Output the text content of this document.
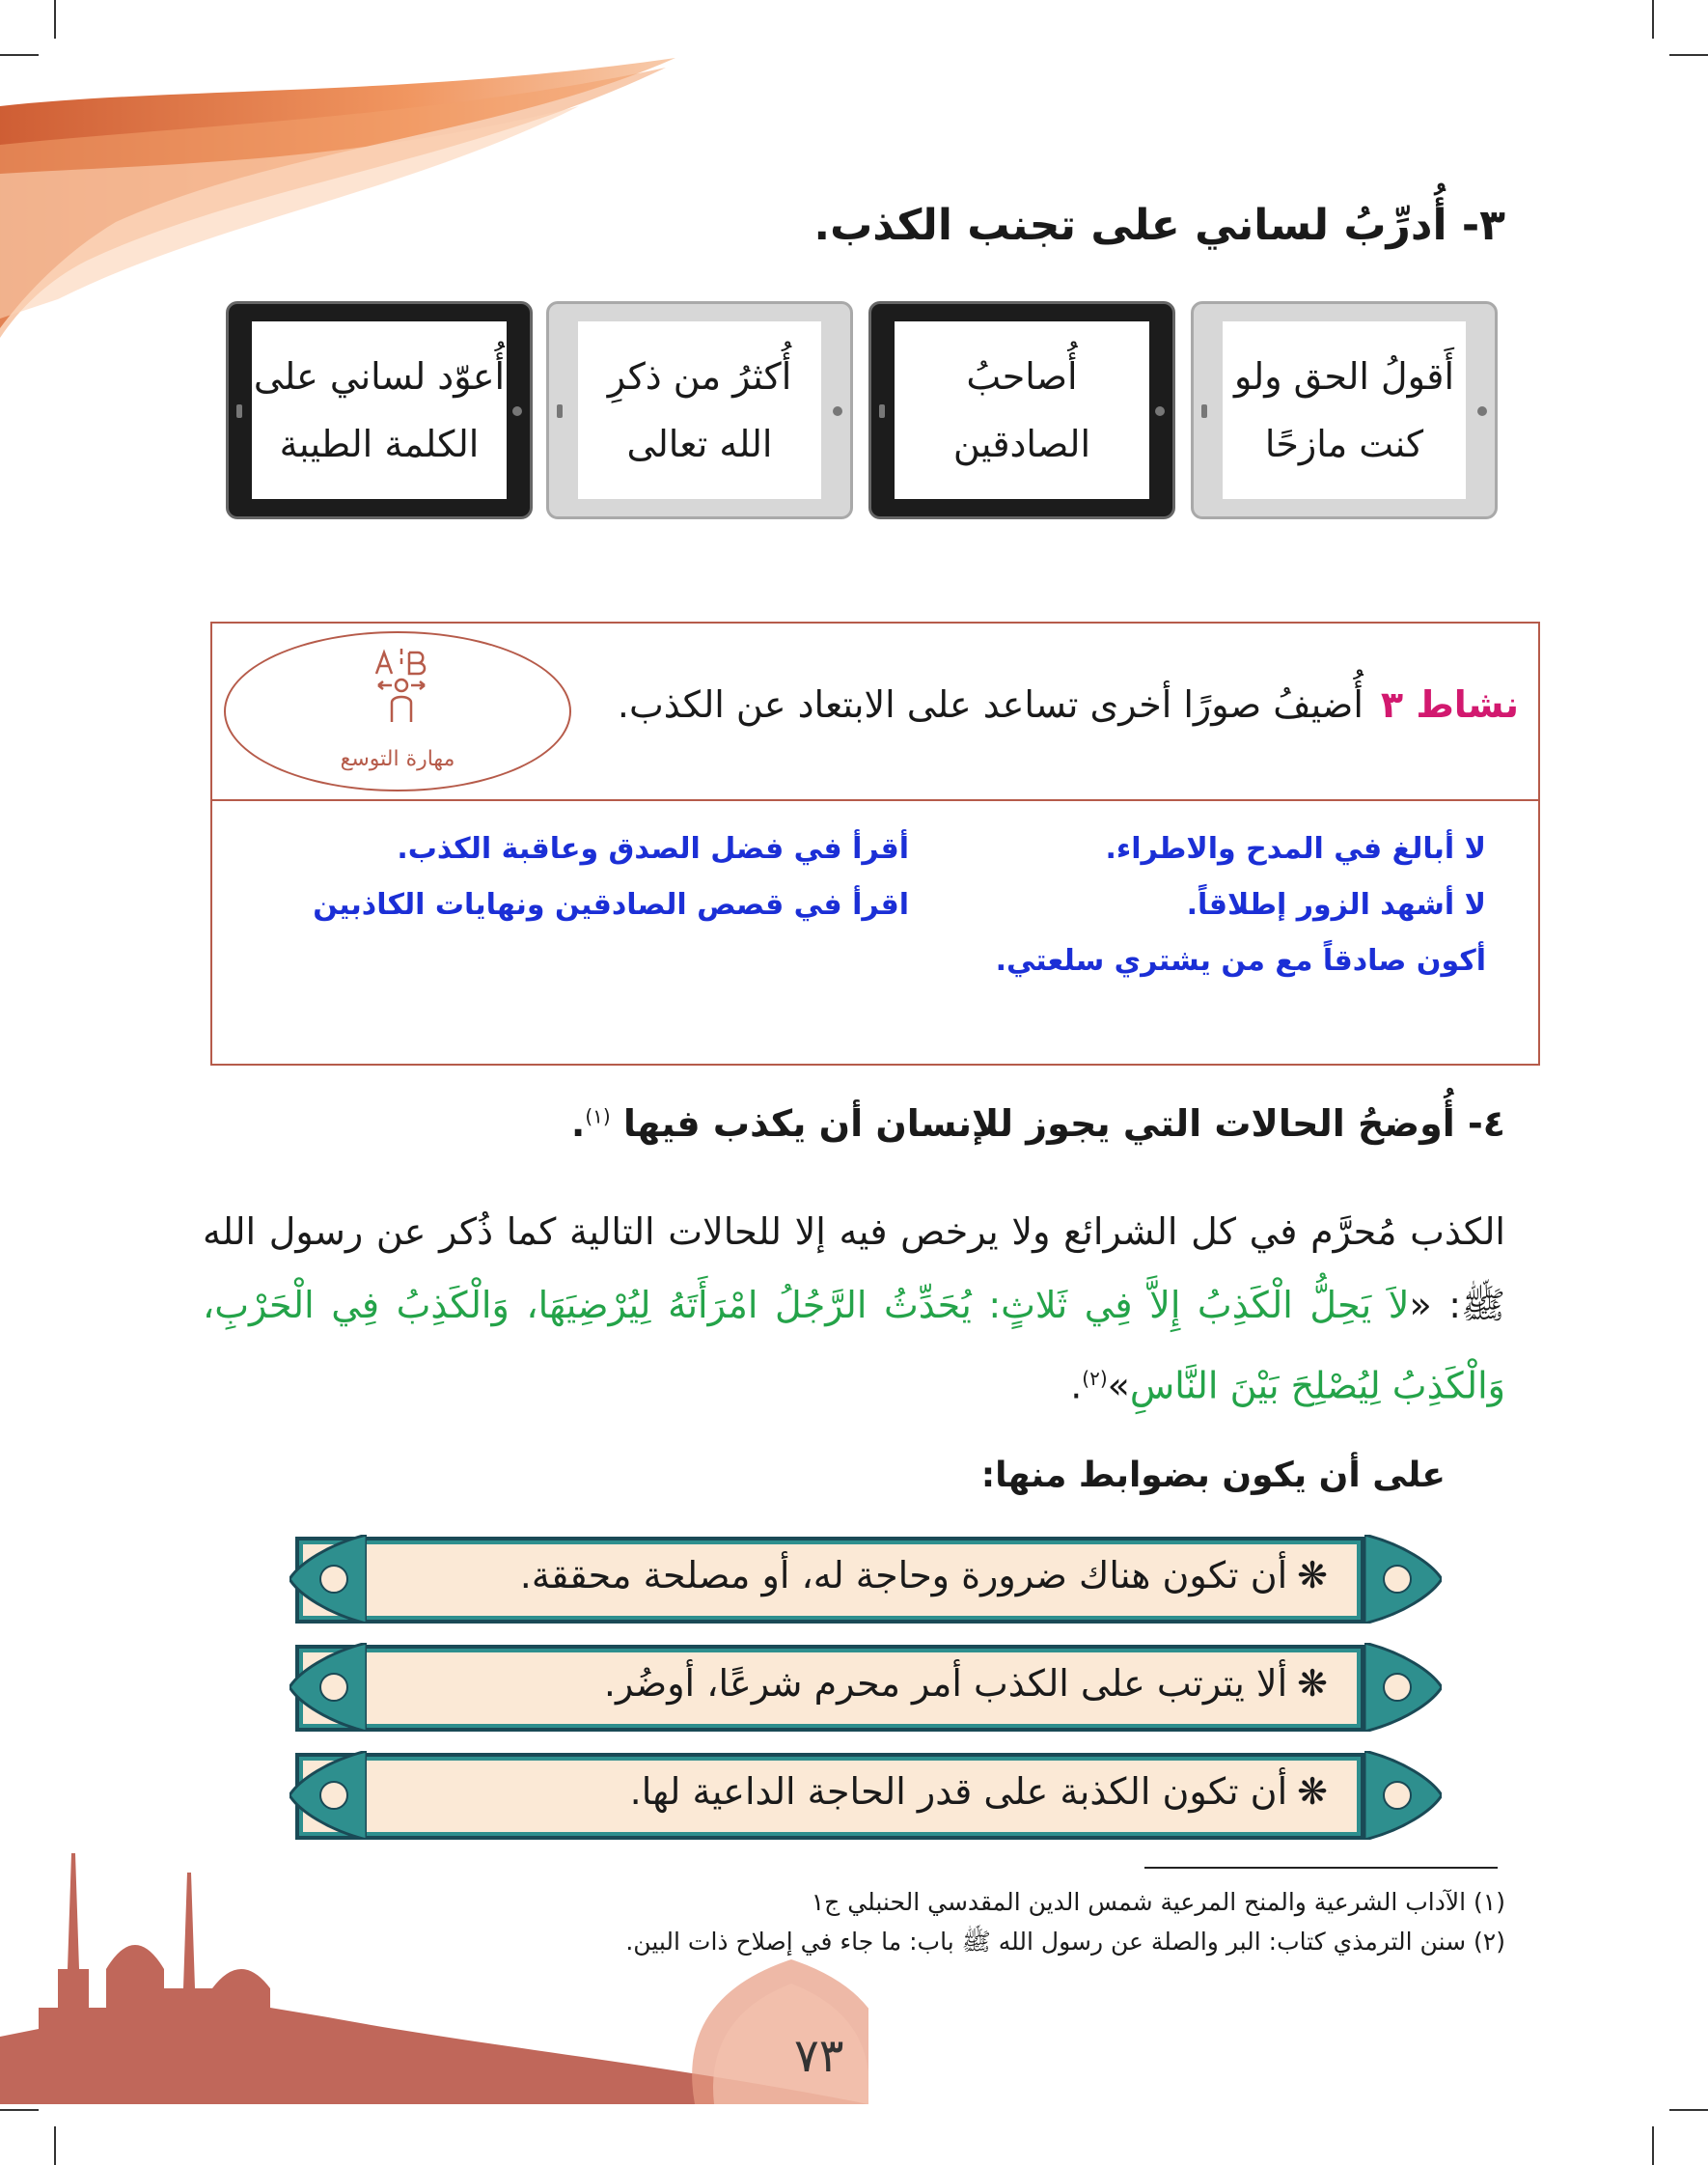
٣- أُدرِّبُ لساني على تجنب الكذب.
أَقولُ الحق ولو
كنت مازحًا
أُصاحبُ
الصادقين
أُكثرُ من ذكرِ
الله تعالى
أُعوّد لساني على
الكلمة الطيبة
نشاط ٣أُضيفُ صورًا أخرى تساعد على الابتعاد عن الكذب.
مهارة التوسع
لا أبالغ في المدح والاطراء.
لا أشهد الزور إطلاقاً.
أكون صادقاً مع من يشتري سلعتي.
أقرأ في فضل الصدق وعاقبة الكذب.
اقرأ في قصص الصادقين ونهايات الكاذبين
٤- أُوضحُ الحالات التي يجوز للإنسان أن يكذب فيها $^{(١)}$.
الكذب مُحرَّم في كل الشرائع ولا يرخص فيه إلا للحالات التالية كما ذُكر عن رسول الله ﷺ: «لاَ يَحِلُّ الْكَذِبُ إِلاَّ فِي ثَلاثٍ: يُحَدِّثُ الرَّجُلُ امْرَأَتَهُ لِيُرْضِيَهَا، وَالْكَذِبُ فِي الْحَرْبِ، وَالْكَذِبُ لِيُصْلِحَ بَيْنَ النَّاسِ»$^{(٢)}$.
على أن يكون بضوابط منها:
❋أن تكون هناك ضرورة وحاجة له، أو مصلحة محققة.
❋ألا يترتب على الكذب أمر محرم شرعًا، أوضُر.
❋أن تكون الكذبة على قدر الحاجة الداعية لها.
(١) الآداب الشرعية والمنح المرعية شمس الدين المقدسي الحنبلي ج١
(٢) سنن الترمذي كتاب: البر والصلة عن رسول الله ﷺ باب: ما جاء في إصلاح ذات البين.
٧٣
